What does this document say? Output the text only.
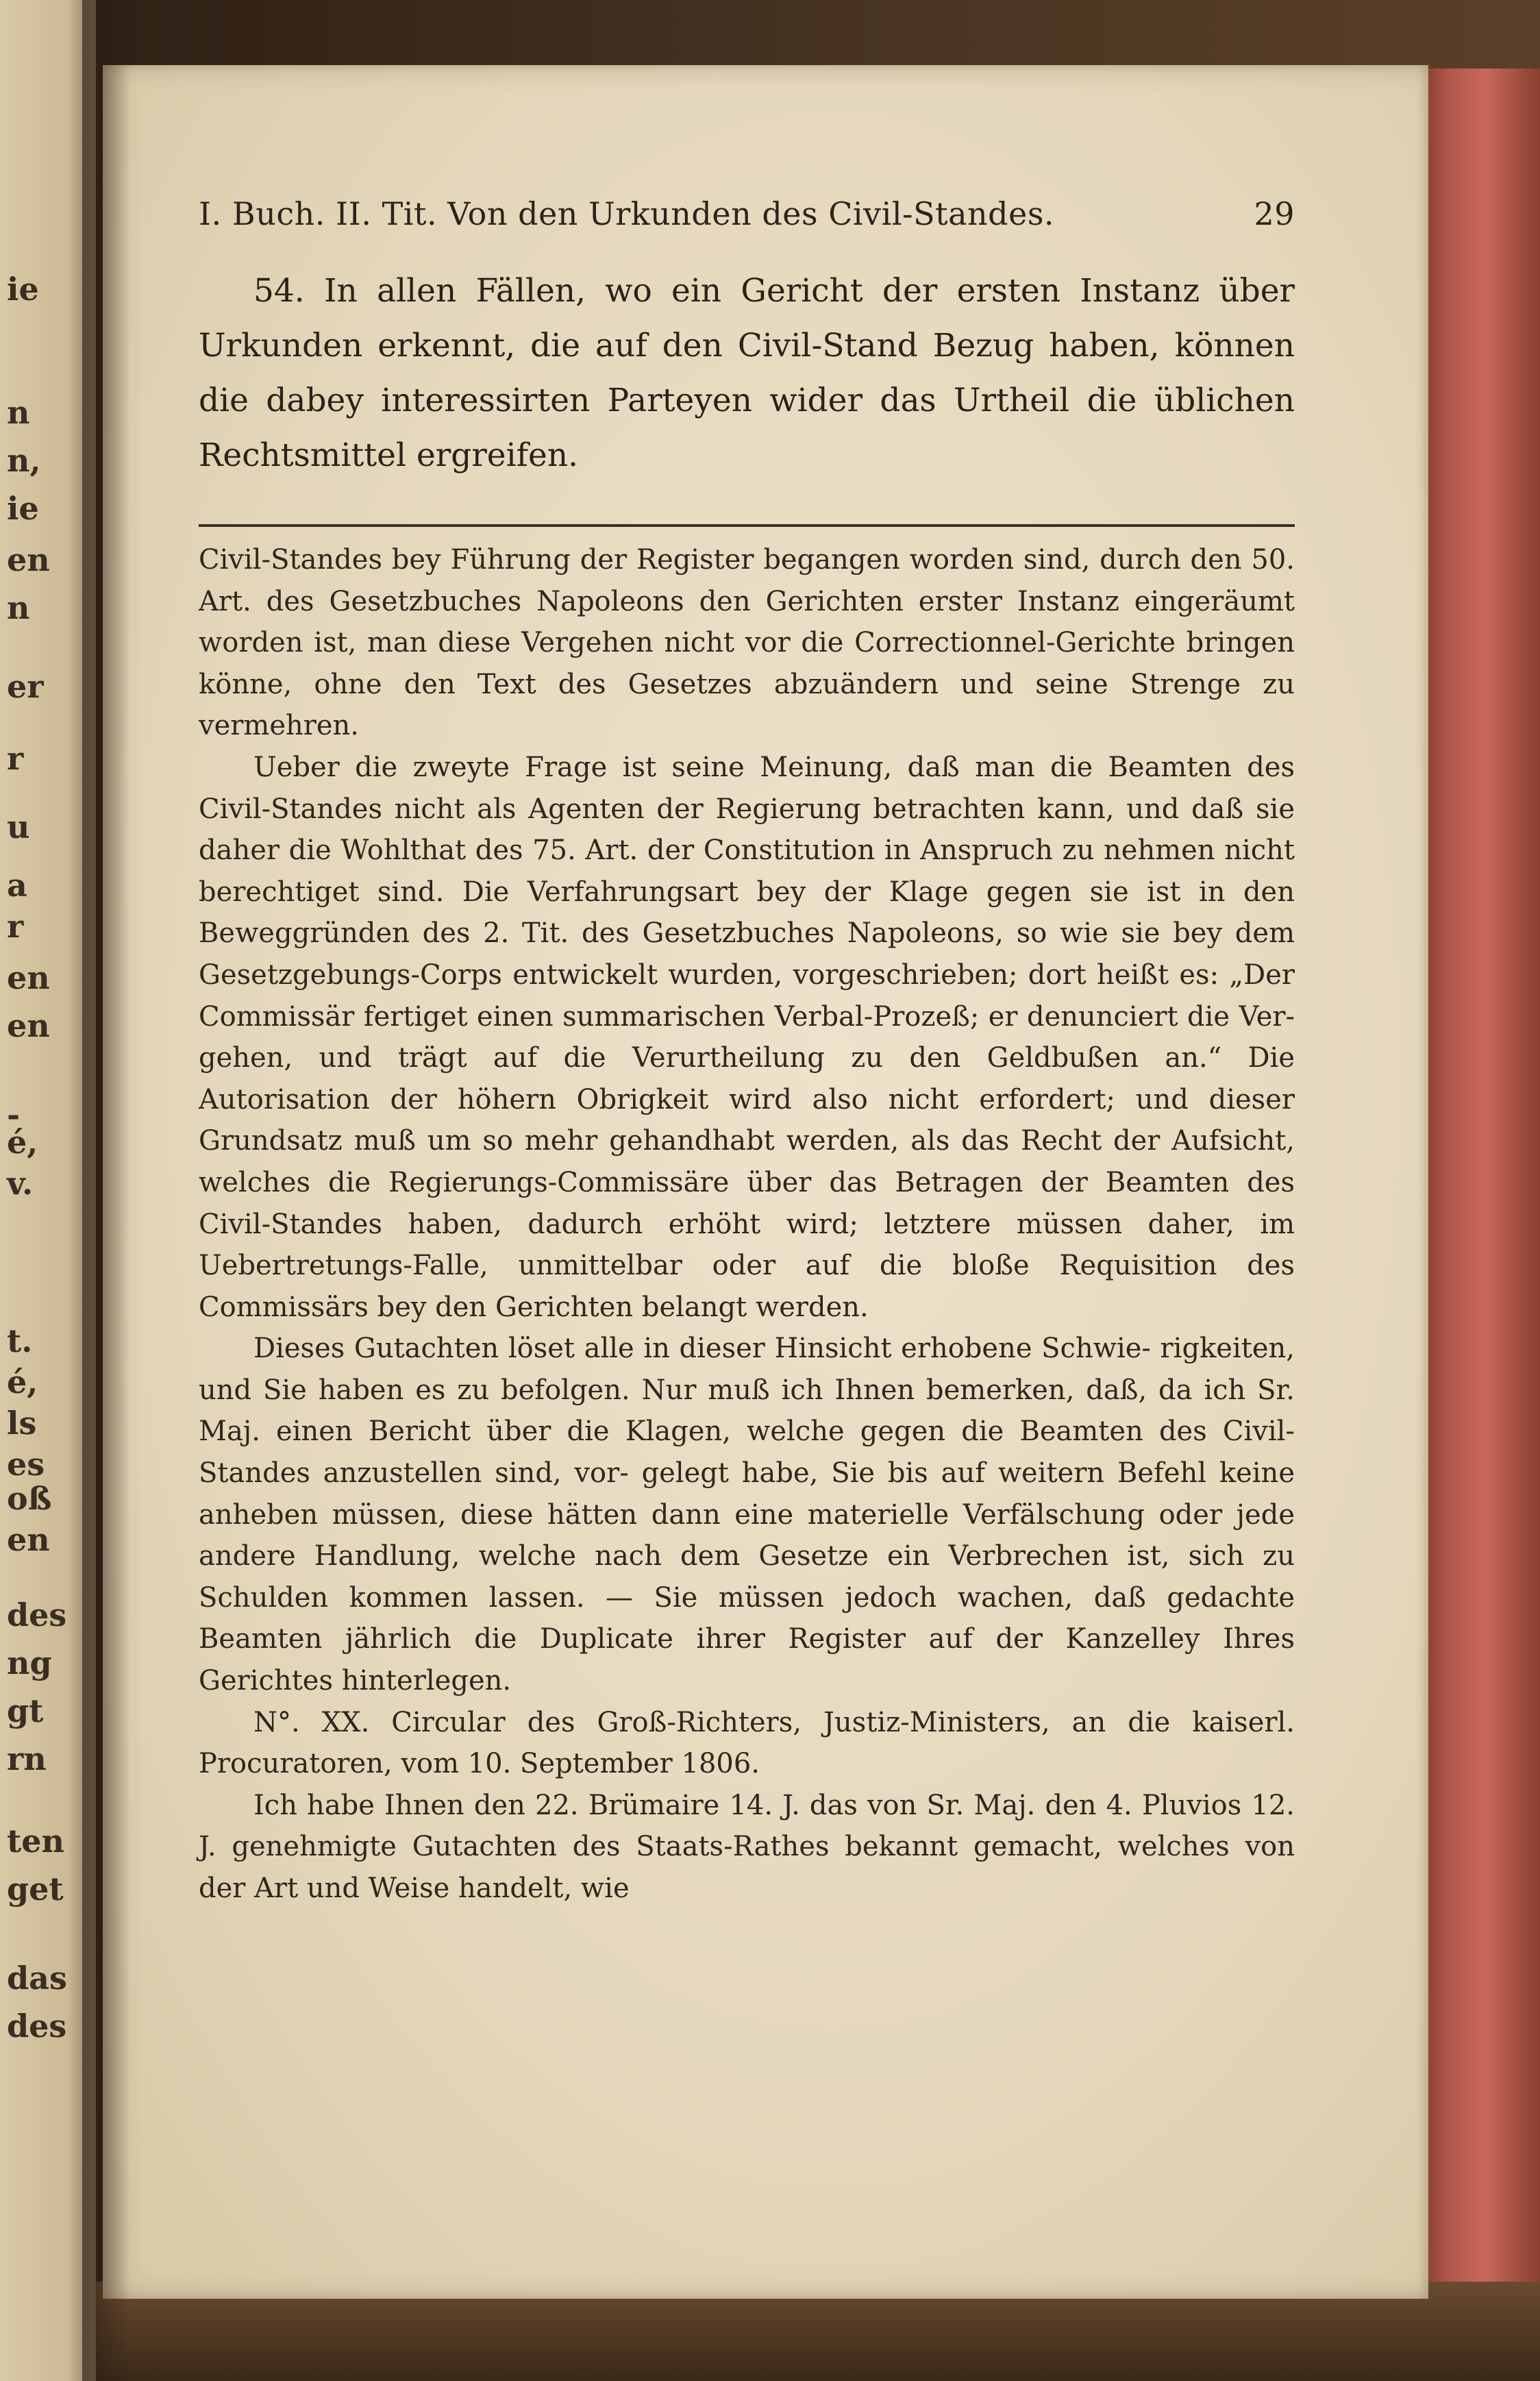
ie
n
n,
ie
en
n
er
r
u
a
r
en
en
-
é,
v.
t.
é,
ls
es
oß
en
des
ng
gt
rn
ten
get
das
des
I. Buch. II. Tit. Von den Urkunden des Civil-Standes.	29

54. In allen Fällen, wo ein Gericht der ersten Instanz über Urkunden erkennt, die auf den Civil-Stand Bezug haben, können die dabey interessirten Parteyen wider das Urtheil die üblichen Rechtsmittel ergreifen.

Civil-Standes bey Führung der Register begangen worden sind, durch den 50. Art. des Gesetzbuches Napoleons den Gerichten erster Instanz eingeräumt worden ist, man diese Vergehen nicht vor die Correctionnel-Gerichte bringen könne, ohne den Text des Gesetzes abzuändern und seine Strenge zu vermehren.

Ueber die zweyte Frage ist seine Meinung, daß man die Beamten des Civil-Standes nicht als Agenten der Regierung betrachten kann, und daß sie daher die Wohlthat des 75. Art. der Constitution in Anspruch zu nehmen nicht berechtiget sind. Die Verfahrungsart bey der Klage gegen sie ist in den Beweggründen des 2. Tit. des Gesetzbuches Napoleons, so wie sie bey dem Gesetzgebungs-Corps entwickelt wurden, vorgeschrieben; dort heißt es: „Der Commissär fertiget einen summarischen Verbal-Prozeß; er denunciert die Ver- gehen, und trägt auf die Verurtheilung zu den Geldbußen an.“ Die Autorisation der höhern Obrigkeit wird also nicht erfordert; und dieser Grundsatz muß um so mehr gehandhabt werden, als das Recht der Aufsicht, welches die Regierungs-Commissäre über das Betragen der Beamten des Civil-Standes haben, dadurch erhöht wird; letztere müssen daher, im Uebertretungs-Falle, unmittelbar oder auf die bloße Requisition des Commissärs bey den Gerichten belangt werden.

Dieses Gutachten löset alle in dieser Hinsicht erhobene Schwie- rigkeiten, und Sie haben es zu befolgen. Nur muß ich Ihnen bemerken, daß, da ich Sr. Maj. einen Bericht über die Klagen, welche gegen die Beamten des Civil-Standes anzustellen sind, vor- gelegt habe, Sie bis auf weitern Befehl keine anheben müssen, diese hätten dann eine materielle Verfälschung oder jede andere Handlung, welche nach dem Gesetze ein Verbrechen ist, sich zu Schulden kommen lassen. — Sie müssen jedoch wachen, daß gedachte Beamten jährlich die Duplicate ihrer Register auf der Kanzelley Ihres Gerichtes hinterlegen.

N°. XX. Circular des Groß-Richters, Justiz-Ministers, an die kaiserl. Procuratoren, vom 10. September 1806.

Ich habe Ihnen den 22. Brümaire 14. J. das von Sr. Maj. den 4. Pluvios 12. J. genehmigte Gutachten des Staats-Rathes bekannt gemacht, welches von der Art und Weise handelt, wie
